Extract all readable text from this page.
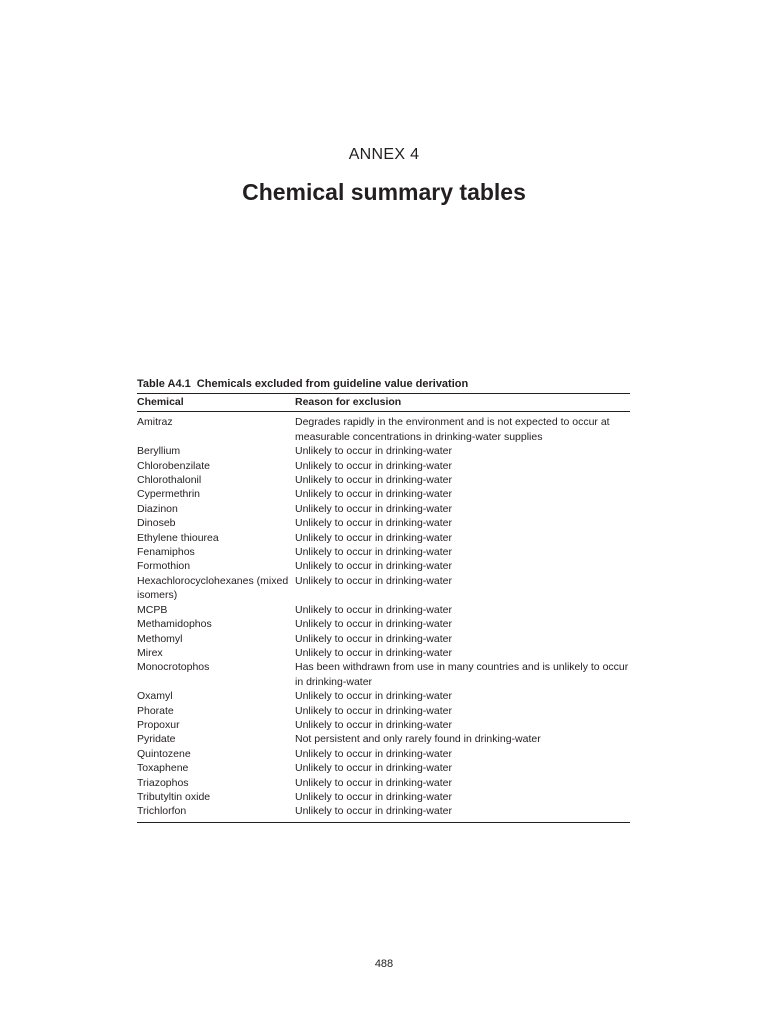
ANNEX 4
Chemical summary tables
Table A4.1 Chemicals excluded from guideline value derivation
Chemical	Reason for exclusion
Amitraz	Degrades rapidly in the environment and is not expected to occur at measurable concentrations in drinking-water supplies
Beryllium	Unlikely to occur in drinking-water
Chlorobenzilate	Unlikely to occur in drinking-water
Chlorothalonil	Unlikely to occur in drinking-water
Cypermethrin	Unlikely to occur in drinking-water
Diazinon	Unlikely to occur in drinking-water
Dinoseb	Unlikely to occur in drinking-water
Ethylene thiourea	Unlikely to occur in drinking-water
Fenamiphos	Unlikely to occur in drinking-water
Formothion	Unlikely to occur in drinking-water
Hexachlorocyclohexanes (mixed isomers)	Unlikely to occur in drinking-water
MCPB	Unlikely to occur in drinking-water
Methamidophos	Unlikely to occur in drinking-water
Methomyl	Unlikely to occur in drinking-water
Mirex	Unlikely to occur in drinking-water
Monocrotophos	Has been withdrawn from use in many countries and is unlikely to occur in drinking-water
Oxamyl	Unlikely to occur in drinking-water
Phorate	Unlikely to occur in drinking-water
Propoxur	Unlikely to occur in drinking-water
Pyridate	Not persistent and only rarely found in drinking-water
Quintozene	Unlikely to occur in drinking-water
Toxaphene	Unlikely to occur in drinking-water
Triazophos	Unlikely to occur in drinking-water
Tributyltin oxide	Unlikely to occur in drinking-water
Trichlorfon	Unlikely to occur in drinking-water
488
